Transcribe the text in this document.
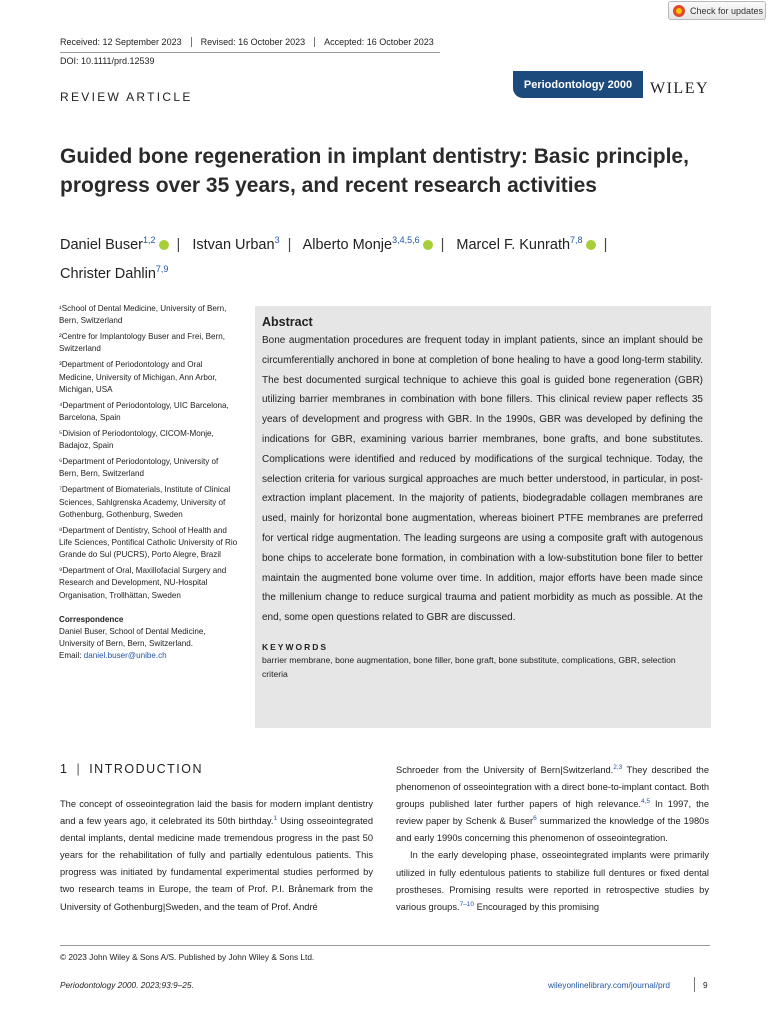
Check for updates
Received: 12 September 2023	Revised: 16 October 2023	Accepted: 16 October 2023
DOI: 10.1111/prd.12539
REVIEW ARTICLE
Periodontology 2000	WILEY
Guided bone regeneration in implant dentistry: Basic principle, progress over 35 years, and recent research activities
Daniel Buser$^{1,2}$ | Istvan Urban$^3$ | Alberto Monje$^{3,4,5,6}$ | Marcel F. Kunrath$^{7,8}$ |
Christer Dahlin$^{7,9}$
¹School of Dental Medicine, University of Bern, Bern, Switzerland
²Centre for Implantology Buser and Frei, Bern, Switzerland
³Department of Periodontology and Oral Medicine, University of Michigan, Ann Arbor, Michigan, USA
⁴Department of Periodontology, UIC Barcelona, Barcelona, Spain
⁵Division of Periodontology, CICOM-Monje, Badajoz, Spain
⁶Department of Periodontology, University of Bern, Bern, Switzerland
⁷Department of Biomaterials, Institute of Clinical Sciences, Sahlgrenska Academy, University of Gothenburg, Gothenburg, Sweden
⁸Department of Dentistry, School of Health and Life Sciences, Pontifical Catholic University of Rio Grande do Sul (PUCRS), Porto Alegre, Brazil
⁹Department of Oral, Maxillofacial Surgery and Research and Development, NU-Hospital Organisation, Trollhättan, Sweden
Correspondence
Daniel Buser, School of Dental Medicine, University of Bern, Bern, Switzerland.
Email: daniel.buser@unibe.ch
Abstract

Bone augmentation procedures are frequent today in implant patients, since an implant should be circumferentially anchored in bone at completion of bone healing to have a good long-term stability. The best documented surgical technique to achieve this goal is guided bone regeneration (GBR) utilizing barrier membranes in combination with bone fillers. This clinical review paper reflects 35 years of development and progress with GBR. In the 1990s, GBR was developed by defining the indications for GBR, examining various barrier membranes, bone grafts, and bone substitutes. Complications were identified and reduced by modifications of the surgical technique. Today, the selection criteria for various surgical approaches are much better understood, in particular, in post-extraction implant placement. In the majority of patients, biodegradable collagen membranes are used, mainly for horizontal bone augmentation, whereas bioinert PTFE membranes are preferred for vertical ridge augmentation. The leading surgeons are using a composite graft with autogenous bone chips to accelerate bone formation, in combination with a low-substitution bone filer to better maintain the augmented bone volume over time. In addition, major efforts have been made since the millenium change to reduce surgical trauma and patient morbidity as much as possible. At the end, some open questions related to GBR are discussed.

KEYWORDS
barrier membrane, bone augmentation, bone filler, bone graft, bone substitute, complications, GBR, selection criteria
1 | INTRODUCTION

The concept of osseointegration laid the basis for modern implant dentistry and a few years ago, it celebrated its 50th birthday.$^1$ Using osseointegrated dental implants, dental medicine made tremendous progress in the past 50 years for the rehabilitation of fully and partially edentulous patients. This progress was initiated by fundamental experimental studies performed by two research teams in Europe, the team of Prof. P.I. Brånemark from the University of Gothenburg|Sweden, and the team of Prof. André

Schroeder from the University of Bern|Switzerland.$^{2,3}$ They described the phenomenon of osseointegration with a direct bone-to-implant contact. Both groups published later further papers of high relevance.$^{4,5}$ In 1997, the review paper by Schenk & Buser$^6$ summarized the knowledge of the 1980s and early 1990s concerning this phenomenon of osseointegration.

In the early developing phase, osseointegrated implants were primarily utilized in fully edentulous patients to stabilize full dentures or fixed dental prostheses. Promising results were reported in retrospective studies by various groups.$^{7-10}$ Encouraged by this promising

© 2023 John Wiley & Sons A/S. Published by John Wiley & Sons Ltd.
Periodontology 2000. 2023;93:9–25.	wileyonlinelibrary.com/journal/prd	9
